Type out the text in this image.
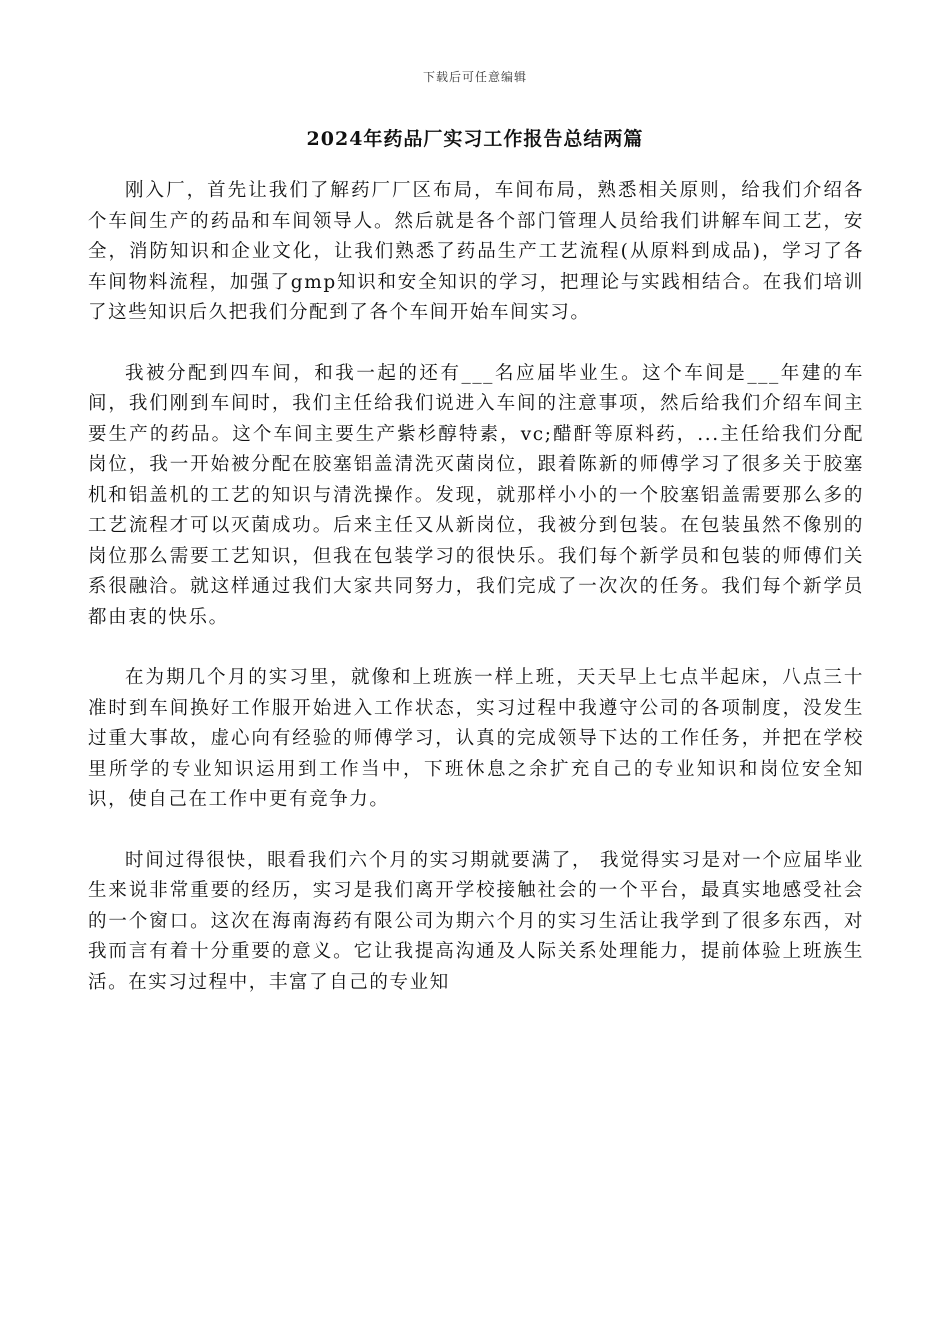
下载后可任意编辑
2024年药品厂实习工作报告总结两篇

刚入厂，首先让我们了解药厂厂区布局，车间布局，熟悉相关原则，给我们介绍各个车间生产的药品和车间领导人。然后就是各个部门管理人员给我们讲解车间工艺，安全，消防知识和企业文化，让我们熟悉了药品生产工艺流程(从原料到成品)，学习了各车间物料流程，加强了gmp知识和安全知识的学习，把理论与实践相结合。在我们培训了这些知识后久把我们分配到了各个车间开始车间实习。

我被分配到四车间，和我一起的还有___名应届毕业生。这个车间是___年建的车间，我们刚到车间时，我们主任给我们说进入车间的注意事项，然后给我们介绍车间主要生产的药品。这个车间主要生产紫杉醇特素，vc;醋酐等原料药，...主任给我们分配岗位，我一开始被分配在胶塞铝盖清洗灭菌岗位，跟着陈新的师傅学习了很多关于胶塞机和铝盖机的工艺的知识与清洗操作。发现，就那样小小的一个胶塞铝盖需要那么多的工艺流程才可以灭菌成功。后来主任又从新岗位，我被分到包装。在包装虽然不像别的岗位那么需要工艺知识，但我在包装学习的很快乐。我们每个新学员和包装的师傅们关系很融洽。就这样通过我们大家共同努力，我们完成了一次次的任务。我们每个新学员都由衷的快乐。

在为期几个月的实习里，就像和上班族一样上班，天天早上七点半起床，八点三十准时到车间换好工作服开始进入工作状态，实习过程中我遵守公司的各项制度，没发生过重大事故，虚心向有经验的师傅学习，认真的完成领导下达的工作任务，并把在学校里所学的专业知识运用到工作当中，下班休息之余扩充自己的专业知识和岗位安全知识，使自己在工作中更有竞争力。

时间过得很快，眼看我们六个月的实习期就要满了， 我觉得实习是对一个应届毕业生来说非常重要的经历，实习是我们离开学校接触社会的一个平台，最真实地感受社会的一个窗口。这次在海南海药有限公司为期六个月的实习生活让我学到了很多东西，对我而言有着十分重要的意义。它让我提高沟通及人际关系处理能力，提前体验上班族生活。在实习过程中，丰富了自己的专业知
